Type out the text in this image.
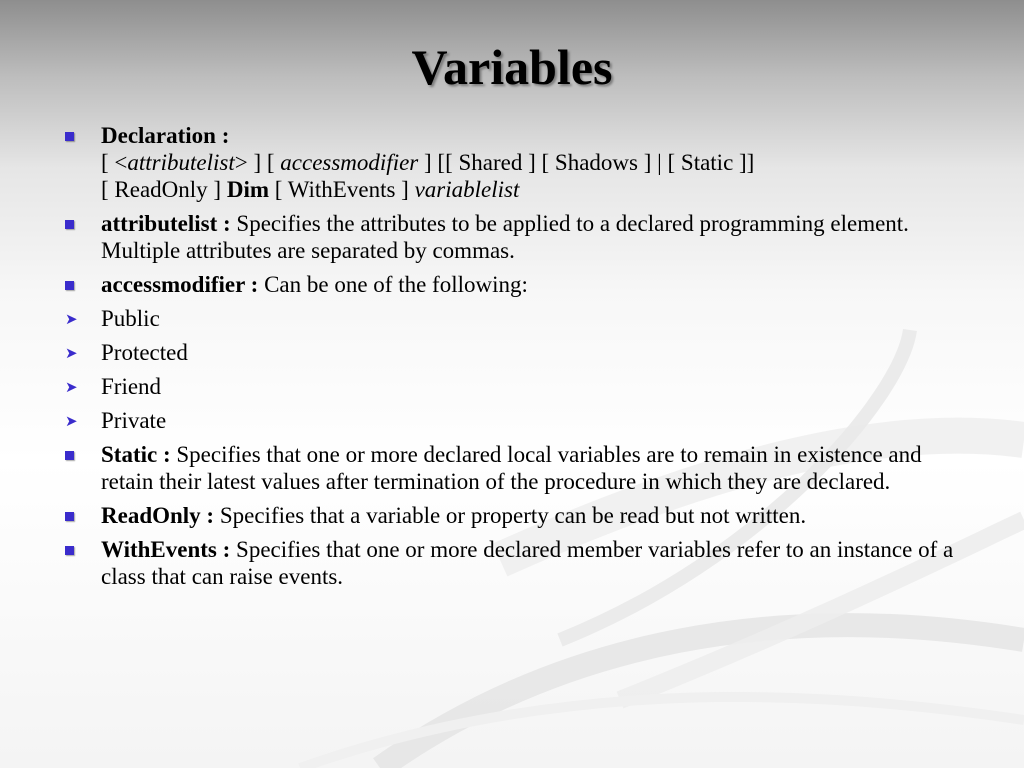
Variables
Declaration :
[ <attributelist> ] [ accessmodifier ] [[ Shared ] [ Shadows ] | [ Static ]]
[ ReadOnly ] Dim [ WithEvents ] variablelist
attributelist : Specifies the attributes to be applied to a declared programming element. Multiple attributes are separated by commas.
accessmodifier : Can be one of the following:
➤ Public
➤ Protected
➤ Friend
➤ Private
Static : Specifies that one or more declared local variables are to remain in existence and retain their latest values after termination of the procedure in which they are declared.
ReadOnly : Specifies that a variable or property can be read but not written.
WithEvents : Specifies that one or more declared member variables refer to an instance of a class that can raise events.
